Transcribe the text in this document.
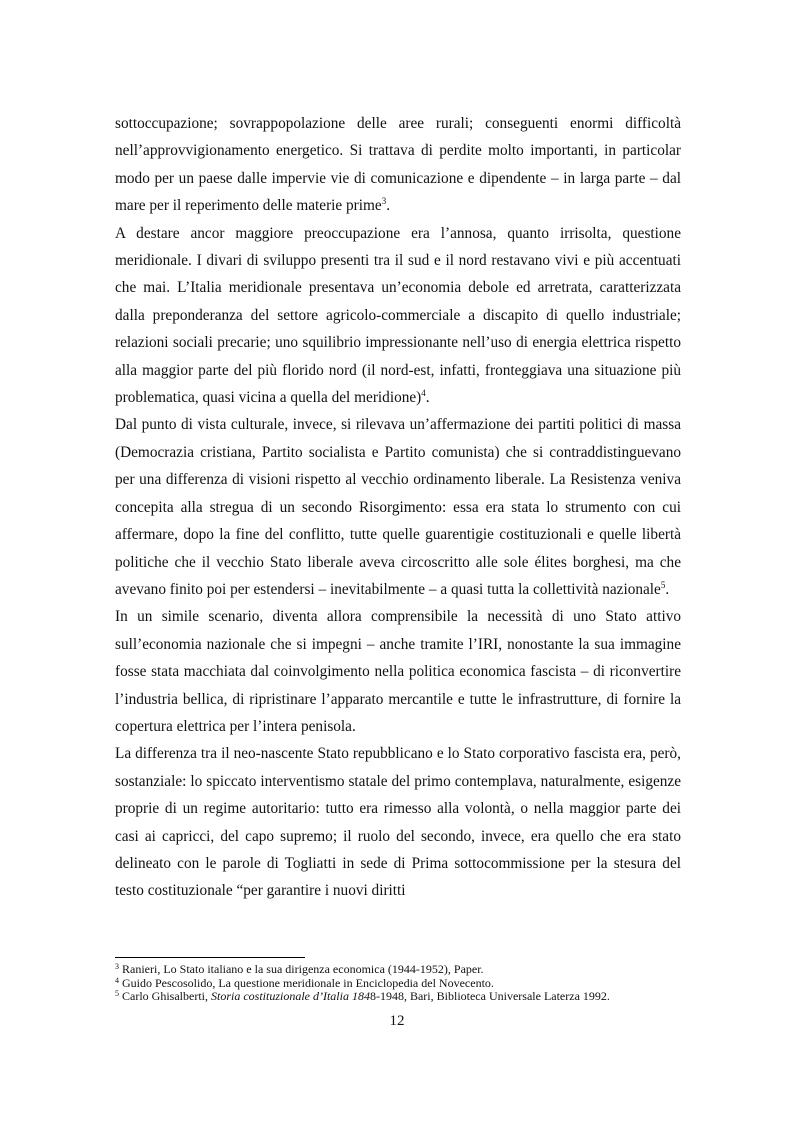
sottoccupazione; sovrappopolazione delle aree rurali; conseguenti enormi difficoltà nell’approvvigionamento energetico. Si trattava di perdite molto importanti, in particolar modo per un paese dalle impervie vie di comunicazione e dipendente – in larga parte – dal mare per il reperimento delle materie prime$^3$.

A destare ancor maggiore preoccupazione era l’annosa, quanto irrisolta, questione meridionale. I divari di sviluppo presenti tra il sud e il nord restavano vivi e più accentuati che mai. L’Italia meridionale presentava un’economia debole ed arretrata, caratterizzata dalla preponderanza del settore agricolo-commerciale a discapito di quello industriale; relazioni sociali precarie; uno squilibrio impressionante nell’uso di energia elettrica rispetto alla maggior parte del più florido nord (il nord-est, infatti, fronteggiava una situazione più problematica, quasi vicina a quella del meridione)$^4$.

Dal punto di vista culturale, invece, si rilevava un’affermazione dei partiti politici di massa (Democrazia cristiana, Partito socialista e Partito comunista) che si contraddistinguevano per una differenza di visioni rispetto al vecchio ordinamento liberale. La Resistenza veniva concepita alla stregua di un secondo Risorgimento: essa era stata lo strumento con cui affermare, dopo la fine del conflitto, tutte quelle guarentigie costituzionali e quelle libertà politiche che il vecchio Stato liberale aveva circoscritto alle sole élites borghesi, ma che avevano finito poi per estendersi – inevitabilmente – a quasi tutta la collettività nazionale$^5$.

In un simile scenario, diventa allora comprensibile la necessità di uno Stato attivo sull’economia nazionale che si impegni – anche tramite l’IRI, nonostante la sua immagine fosse stata macchiata dal coinvolgimento nella politica economica fascista – di riconvertire l’industria bellica, di ripristinare l’apparato mercantile e tutte le infrastrutture, di fornire la copertura elettrica per l’intera penisola.

La differenza tra il neo-nascente Stato repubblicano e lo Stato corporativo fascista era, però, sostanziale: lo spiccato interventismo statale del primo contemplava, naturalmente, esigenze proprie di un regime autoritario: tutto era rimesso alla volontà, o nella maggior parte dei casi ai capricci, del capo supremo; il ruolo del secondo, invece, era quello che era stato delineato con le parole di Togliatti in sede di Prima sottocommissione per la stesura del testo costituzionale “per garantire i nuovi diritti

$^3$ Ranieri, Lo Stato italiano e la sua dirigenza economica (1944-1952), Paper.

$^4$ Guido Pescosolido, La questione meridionale in Enciclopedia del Novecento.

$^5$ Carlo Ghisalberti, Storia costituzionale d’Italia 1848-1948, Bari, Biblioteca Universale Laterza 1992.

12
